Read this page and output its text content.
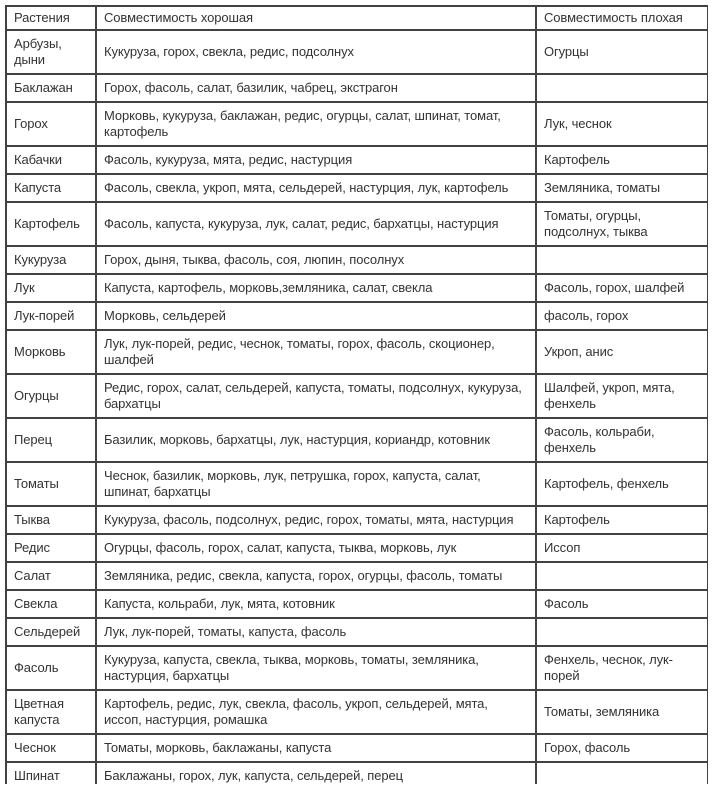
Растения	Совместимость хорошая	Совместимость плохая
Арбузы, дыни	Кукуруза, горох, свекла, редис, подсолнух	Огурцы
Баклажан	Горох, фасоль, салат, базилик, чабрец, экстрагон	
Горох	Морковь, кукуруза, баклажан, редис, огурцы, салат, шпинат, томат, картофель	Лук, чеснок
Кабачки	Фасоль, кукуруза, мята, редис, настурция	Картофель
Капуста	Фасоль, свекла, укроп, мята, сельдерей, настурция, лук, картофель	Земляника, томаты
Картофель	Фасоль, капуста, кукуруза, лук, салат, редис, бархатцы, настурция	Томаты, огурцы, подсолнух, тыква
Кукуруза	Горох, дыня, тыква, фасоль, соя, люпин, посолнух	
Лук	Капуста, картофель, морковь,земляника, салат, свекла	Фасоль, горох, шалфей
Лук-порей	Морковь, сельдерей	фасоль, горох
Морковь	Лук, лук-порей, редис, чеснок, томаты, горох, фасоль, скоционер, шалфей	Укроп, анис
Огурцы	Редис, горох, салат, сельдерей, капуста, томаты, подсолнух, кукуруза, бархатцы	Шалфей, укроп, мята, фенхель
Перец	Базилик, морковь, бархатцы, лук, настурция, кориандр, котовник	Фасоль, кольраби, фенхель
Томаты	Чеснок, базилик, морковь, лук, петрушка, горох, капуста, салат, шпинат, бархатцы	Картофель, фенхель
Тыква	Кукуруза, фасоль, подсолнух, редис, горох, томаты, мята, настурция	Картофель
Редис	Огурцы, фасоль, горох, салат, капуста, тыква, морковь, лук	Иссоп
Салат	Земляника, редис, свекла, капуста, горох, огурцы, фасоль, томаты	
Свекла	Капуста, кольраби, лук, мята, котовник	Фасоль
Сельдерей	Лук, лук-порей, томаты, капуста, фасоль	
Фасоль	Кукуруза, капуста, свекла, тыква, морковь, томаты, земляника, настурция, бархатцы	Фенхель, чеснок, лук-порей
Цветная капуста	Картофель, редис, лук, свекла, фасоль, укроп, сельдерей, мята, иссоп, настурция, ромашка	Томаты, земляника
Чеснок	Томаты, морковь, баклажаны, капуста	Горох, фасоль
Шпинат	Баклажаны, горох, лук, капуста, сельдерей, перец	
